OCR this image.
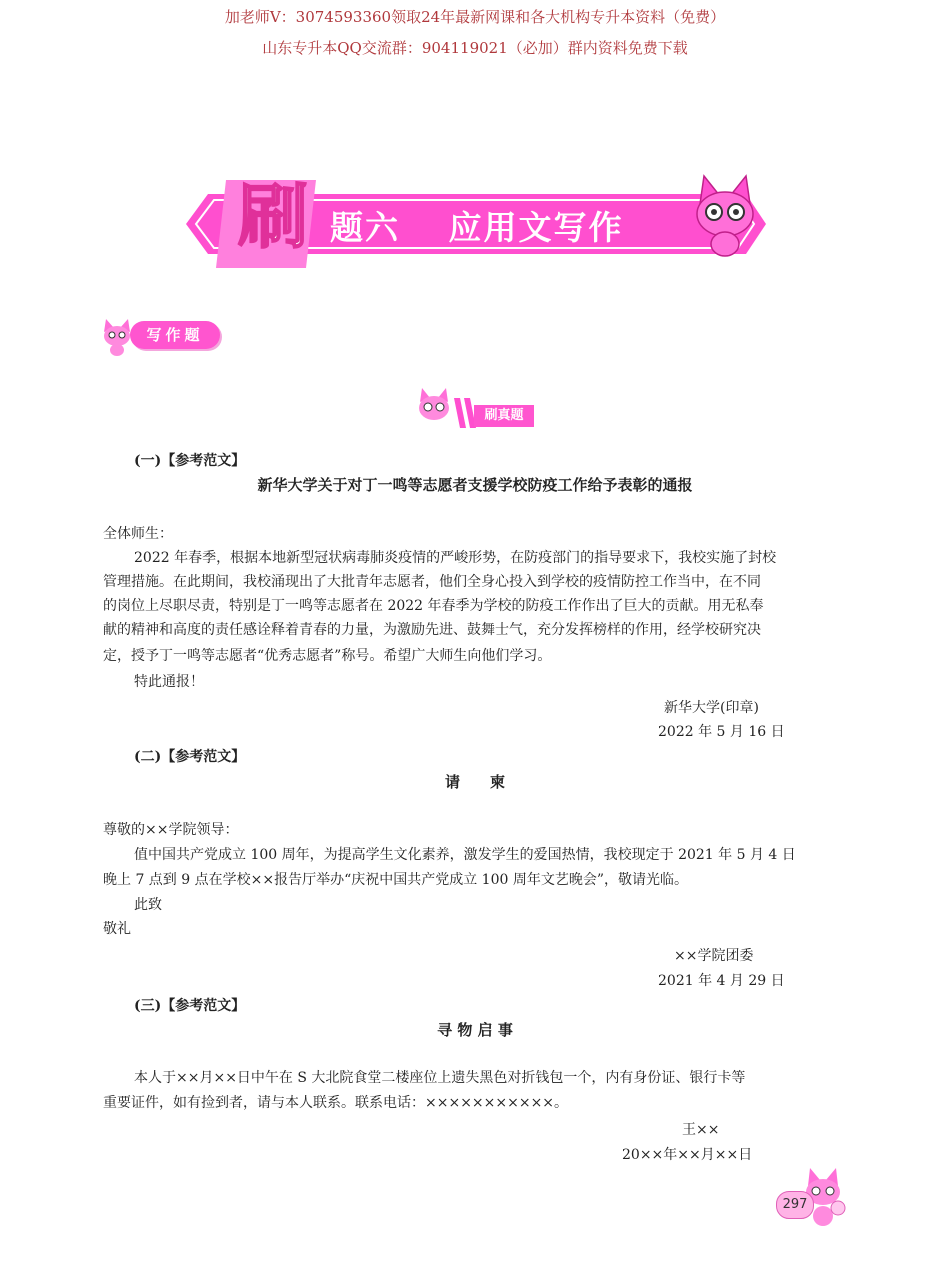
加老师V：3074593360领取24年最新网课和各大机构专升本资料（免费）
山东专升本QQ交流群：904119021（必加）群内资料免费下载
刷 题六　 应用文写作
写作题
刷真题
(一)【参考范文】
新华大学关于对丁一鸣等志愿者支援学校防疫工作给予表彰的通报
全体师生：
2022 年春季，根据本地新型冠状病毒肺炎疫情的严峻形势，在防疫部门的指导要求下，我校实施了封校
管理措施。在此期间，我校涌现出了大批青年志愿者，他们全身心投入到学校的疫情防控工作当中，在不同
的岗位上尽职尽责，特别是丁一鸣等志愿者在 2022 年春季为学校的防疫工作作出了巨大的贡献。用无私奉
献的精神和高度的责任感诠释着青春的力量，为激励先进、鼓舞士气，充分发挥榜样的作用，经学校研究决
定，授予丁一鸣等志愿者“优秀志愿者”称号。希望广大师生向他们学习。
特此通报！
新华大学(印章)
2022 年 5 月 16 日
(二)【参考范文】
请　　柬
尊敬的××学院领导：
值中国共产党成立 100 周年，为提高学生文化素养，激发学生的爱国热情，我校现定于 2021 年 5 月 4 日
晚上 7 点到 9 点在学校××报告厅举办“庆祝中国共产党成立 100 周年文艺晚会”，敬请光临。
此致
敬礼
××学院团委
2021 年 4 月 29 日
(三)【参考范文】
寻 物 启 事
本人于××月××日中午在 S 大北院食堂二楼座位上遗失黑色对折钱包一个，内有身份证、银行卡等
重要证件，如有捡到者，请与本人联系。联系电话：×××××××××××。
王××
20××年××月××日
297
